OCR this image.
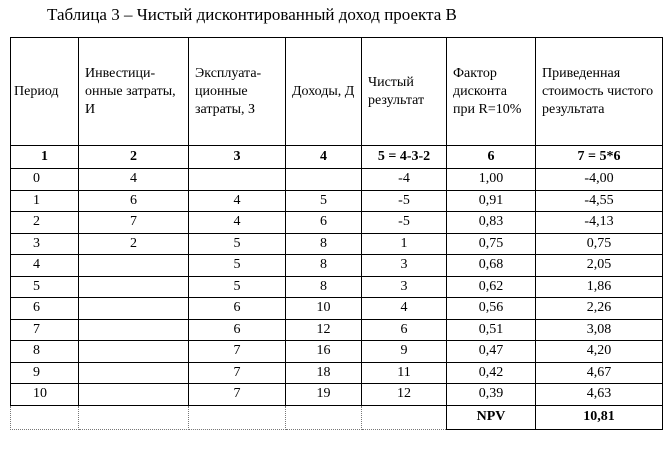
Таблица 3 – Чистый дисконтированный доход проекта В
Период	Инвестици-онные затраты, И	Эксплуата-ционные затраты, З	Доходы, Д	Чистый результат	Фактор дисконта при R=10%	Приведенная стоимость чистого результата

1	2	3	4	5 = 4-3-2	6	7 = 5*6
0	4			-4	1,00	-4,00
1	6	4	5	-5	0,91	-4,55
2	7	4	6	-5	0,83	-4,13
3	2	5	8	1	0,75	0,75
4		5	8	3	0,68	2,05
5		5	8	3	0,62	1,86
6		6	10	4	0,56	2,26
7		6	12	6	0,51	3,08
8		7	16	9	0,47	4,20
9		7	18	11	0,42	4,67
10		7	19	12	0,39	4,63
					NPV	10,81
